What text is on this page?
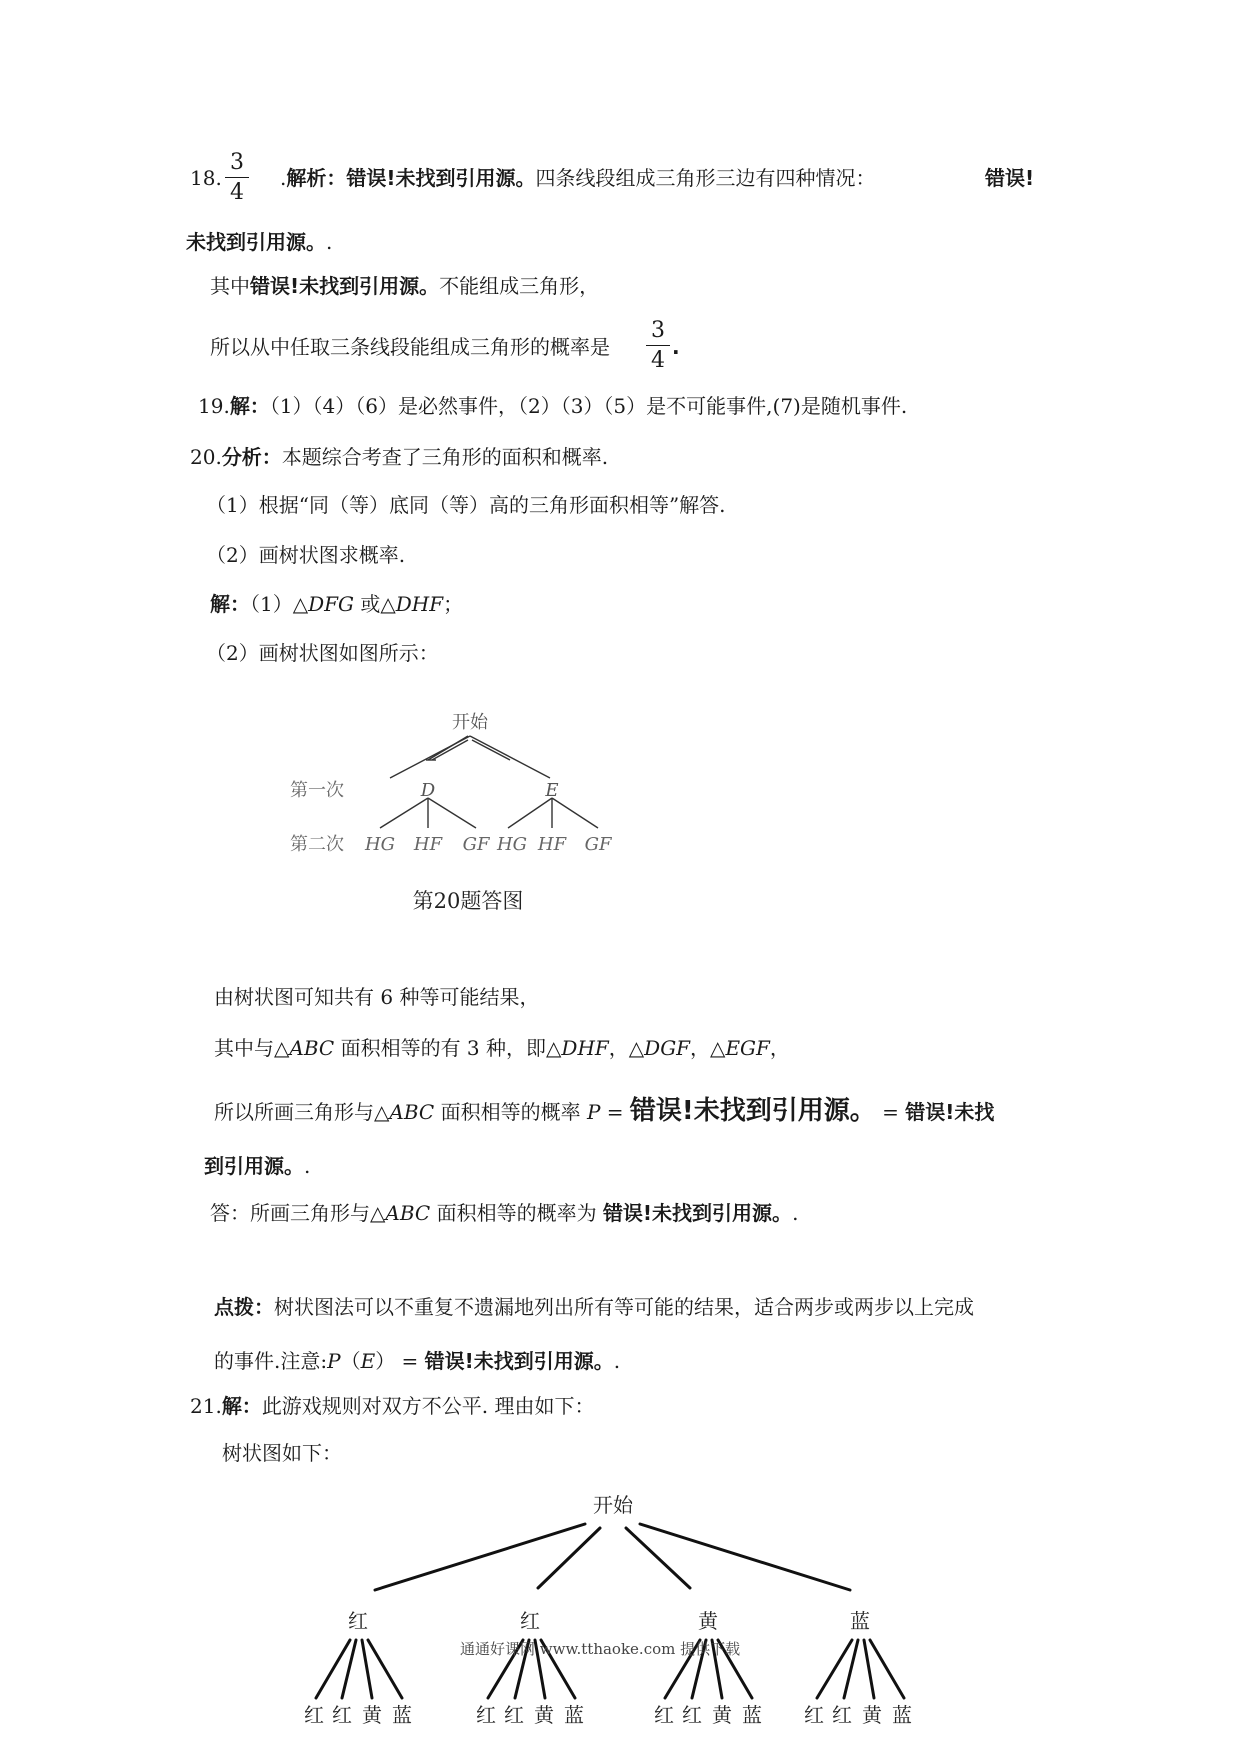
18.
3
4
.解析：错误!未找到引用源。四条线段组成三角形三边有四种情况：	错误!
未找到引用源。.
其中错误!未找到引用源。不能组成三角形，
所以从中任取三条线段能组成三角形的概率是
3
4
.
19.解：（1）（4）（6）是必然事件，（2）（3）（5）是不可能事件,(7)是随机事件.
20.分析：本题综合考查了三角形的面积和概率.
（1）根据“同（等）底同（等）高的三角形面积相等”解答.
（2）画树状图求概率.
解：（1）△DFG 或△DHF；
（2）画树状图如图所示：
开始
第一次
第二次
D	E
HG HF GF HG HF GF
第20题答图
由树状图可知共有 6 种等可能结果，
其中与△ABC 面积相等的有 3 种，即△DHF，△DGF，△EGF，
所以所画三角形与△ABC 面积相等的概率 P = 错误!未找到引用源。 = 错误!未找
到引用源。.
答：所画三角形与△ABC 面积相等的概率为 错误!未找到引用源。.
点拨：树状图法可以不重复不遗漏地列出所有等可能的结果，适合两步或两步以上完成
的事件.注意:P（E） = 错误!未找到引用源。.
21.解：此游戏规则对双方不公平. 理由如下：
树状图如下：
开始
红	红	黄	蓝
红 红 黄 蓝	红 红 黄 蓝	红 红 黄 蓝 红 红 黄 蓝
通通好课网 www.tthaoke.com 提供下载
